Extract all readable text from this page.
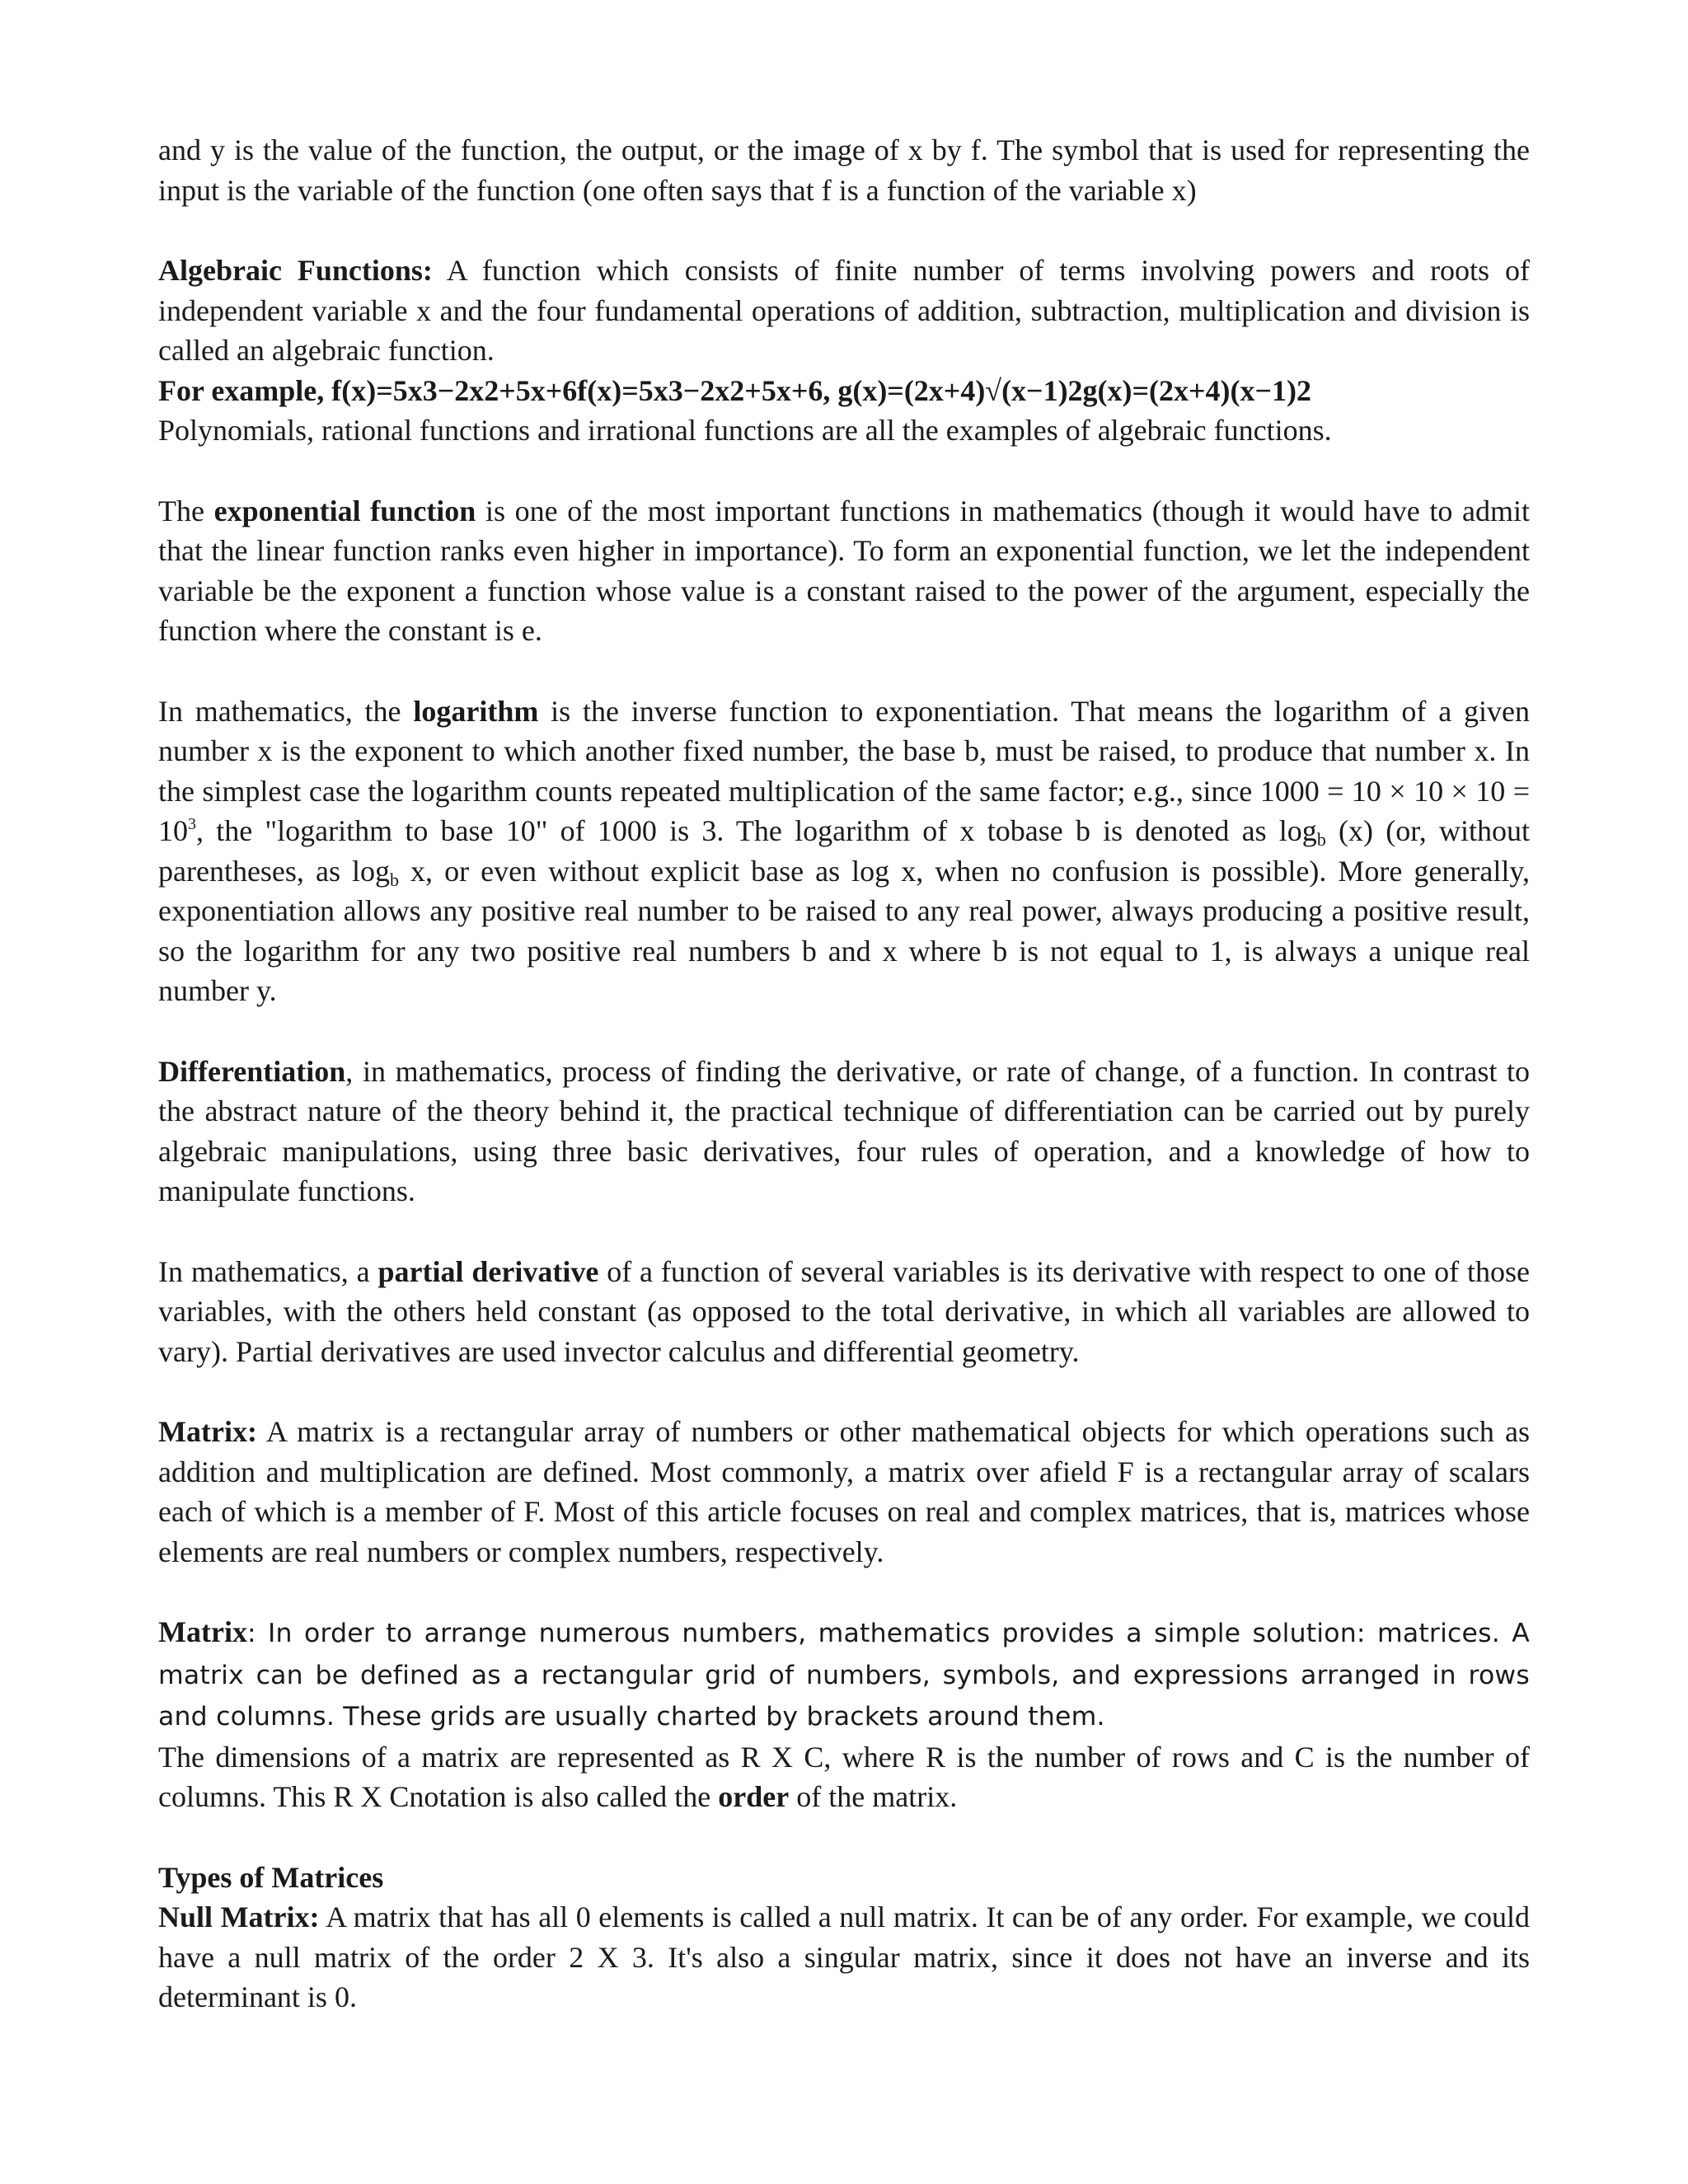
and y is the value of the function, the output, or the image of x by f. The symbol that is used for representing the input is the variable of the function (one often says that f is a function of the variable x)

Algebraic Functions: A function which consists of finite number of terms involving powers and roots of independent variable x and the four fundamental operations of addition, subtraction, multiplication and division is called an algebraic function.
For example, f(x)=5x3−2x2+5x+6f(x)=5x3−2x2+5x+6, g(x)=(2x+4)√(x−1)2g(x)=(2x+4)(x−1)2
Polynomials, rational functions and irrational functions are all the examples of algebraic functions.

The exponential function is one of the most important functions in mathematics (though it would have to admit that the linear function ranks even higher in importance). To form an exponential function, we let the independent variable be the exponent a function whose value is a constant raised to the power of the argument, especially the function where the constant is e.

In mathematics, the logarithm is the inverse function to exponentiation. That means the logarithm of a given number x is the exponent to which another fixed number, the base b, must be raised, to produce that number x. In the simplest case the logarithm counts repeated multiplication of the same factor; e.g., since $1000 = 10 \times 10 \times 10 = 10^3$, the "logarithm to base 10" of 1000 is 3. The logarithm of x tobase b is denoted as $\log_b (x)$ (or, without parentheses, as $\log_b x$, or even without explicit base as log x, when no confusion is possible). More generally, exponentiation allows any positive real number to be raised to any real power, always producing a positive result, so the logarithm for any two positive real numbers b and x where b is not equal to 1, is always a unique real number y.

Differentiation, in mathematics, process of finding the derivative, or rate of change, of a function. In contrast to the abstract nature of the theory behind it, the practical technique of differentiation can be carried out by purely algebraic manipulations, using three basic derivatives, four rules of operation, and a knowledge of how to manipulate functions.

In mathematics, a partial derivative of a function of several variables is its derivative with respect to one of those variables, with the others held constant (as opposed to the total derivative, in which all variables are allowed to vary). Partial derivatives are used invector calculus and differential geometry.

Matrix: A matrix is a rectangular array of numbers or other mathematical objects for which operations such as addition and multiplication are defined. Most commonly, a matrix over afield F is a rectangular array of scalars each of which is a member of F. Most of this article focuses on real and complex matrices, that is, matrices whose elements are real numbers or complex numbers, respectively.

Matrix: In order to arrange numerous numbers, mathematics provides a simple solution: matrices. A matrix can be defined as a rectangular grid of numbers, symbols, and expressions arranged in rows and columns. These grids are usually charted by brackets around them.
The dimensions of a matrix are represented as R X C, where R is the number of rows and C is the number of columns. This R X Cnotation is also called the order of the matrix.
Types of Matrices
Null Matrix: A matrix that has all 0 elements is called a null matrix. It can be of any order. For example, we could have a null matrix of the order 2 X 3. It's also a singular matrix, since it does not have an inverse and its determinant is 0.
